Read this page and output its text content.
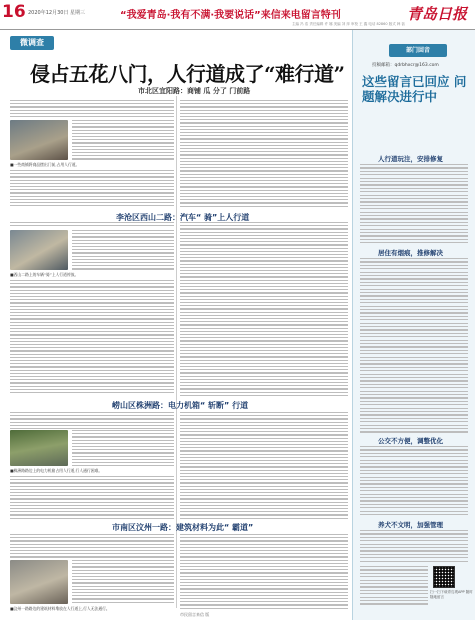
16 2020年12月30日 星期三	“我爱青岛·我有不满·我要说话”来信来电留言特刊	青岛日报
主编 冯 浩 责任编辑 许 娜 美编 刘 萍 审校 王 鑫 电话 82860 版式 韩 蓓
微调查
侵占五花八门，人行道成了“难行道”
市北区宜阳路：商铺 瓜 分了 门前路
■一些商铺将商品摆出门前,占用人行道。
■西山二路上的车辆“骑”上人行道停放。
■株洲路路边上的电力机箱占用人行道,行人通行困难。
■汶州一路路边的建筑材料堆放在人行道上,行人无法通行。
李沧区西山二路：汽车“ 骑”上人行道
崂山区株洲路：电力机箱“ 斩断” 行道
市南区汶州一路：建筑材料为此“ 霸道”
部门回音
投稿邮箱：qdrbhxcr@163.com
这些留言已回应 问题解决进行中
人行道玩注，安排修复
居住有烟痕，推修解决
公交不方便，调整优化
养犬不文明，加强管理
扫一扫下载青岛观APP 随时随地留言
市民留言来信 版
